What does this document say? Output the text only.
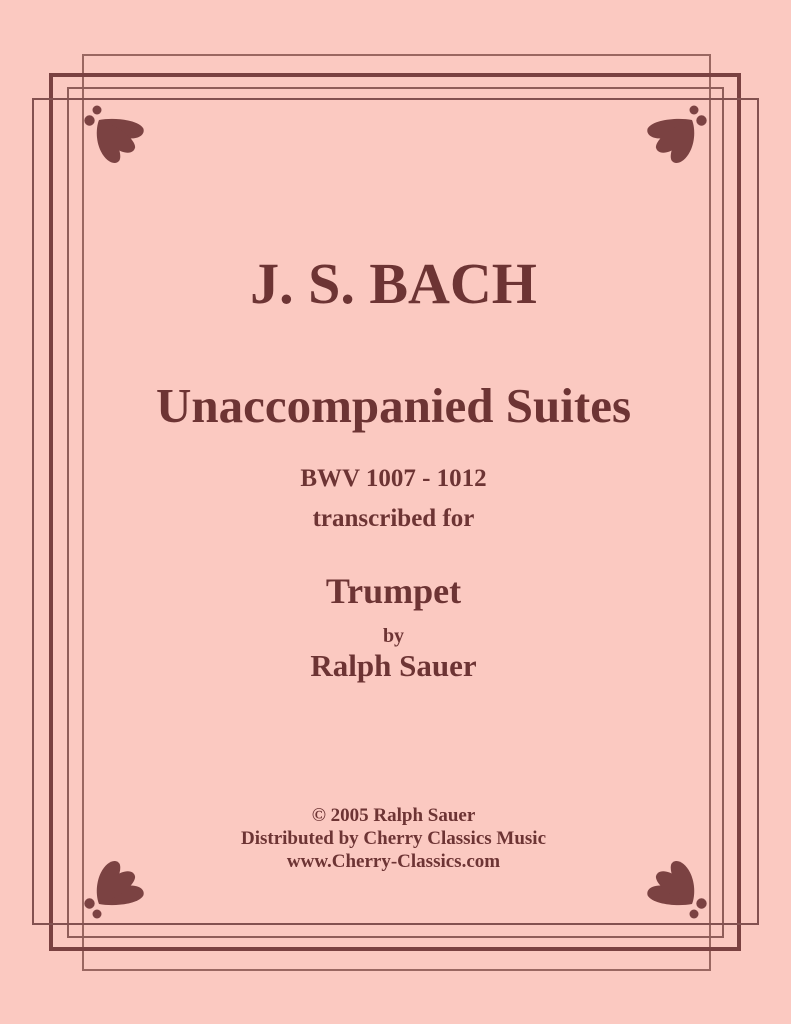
J. S. BACH
Unaccompanied Suites
BWV 1007 - 1012
transcribed for
Trumpet
by
Ralph Sauer
© 2005 Ralph Sauer
Distributed by Cherry Classics Music
www.Cherry-Classics.com
